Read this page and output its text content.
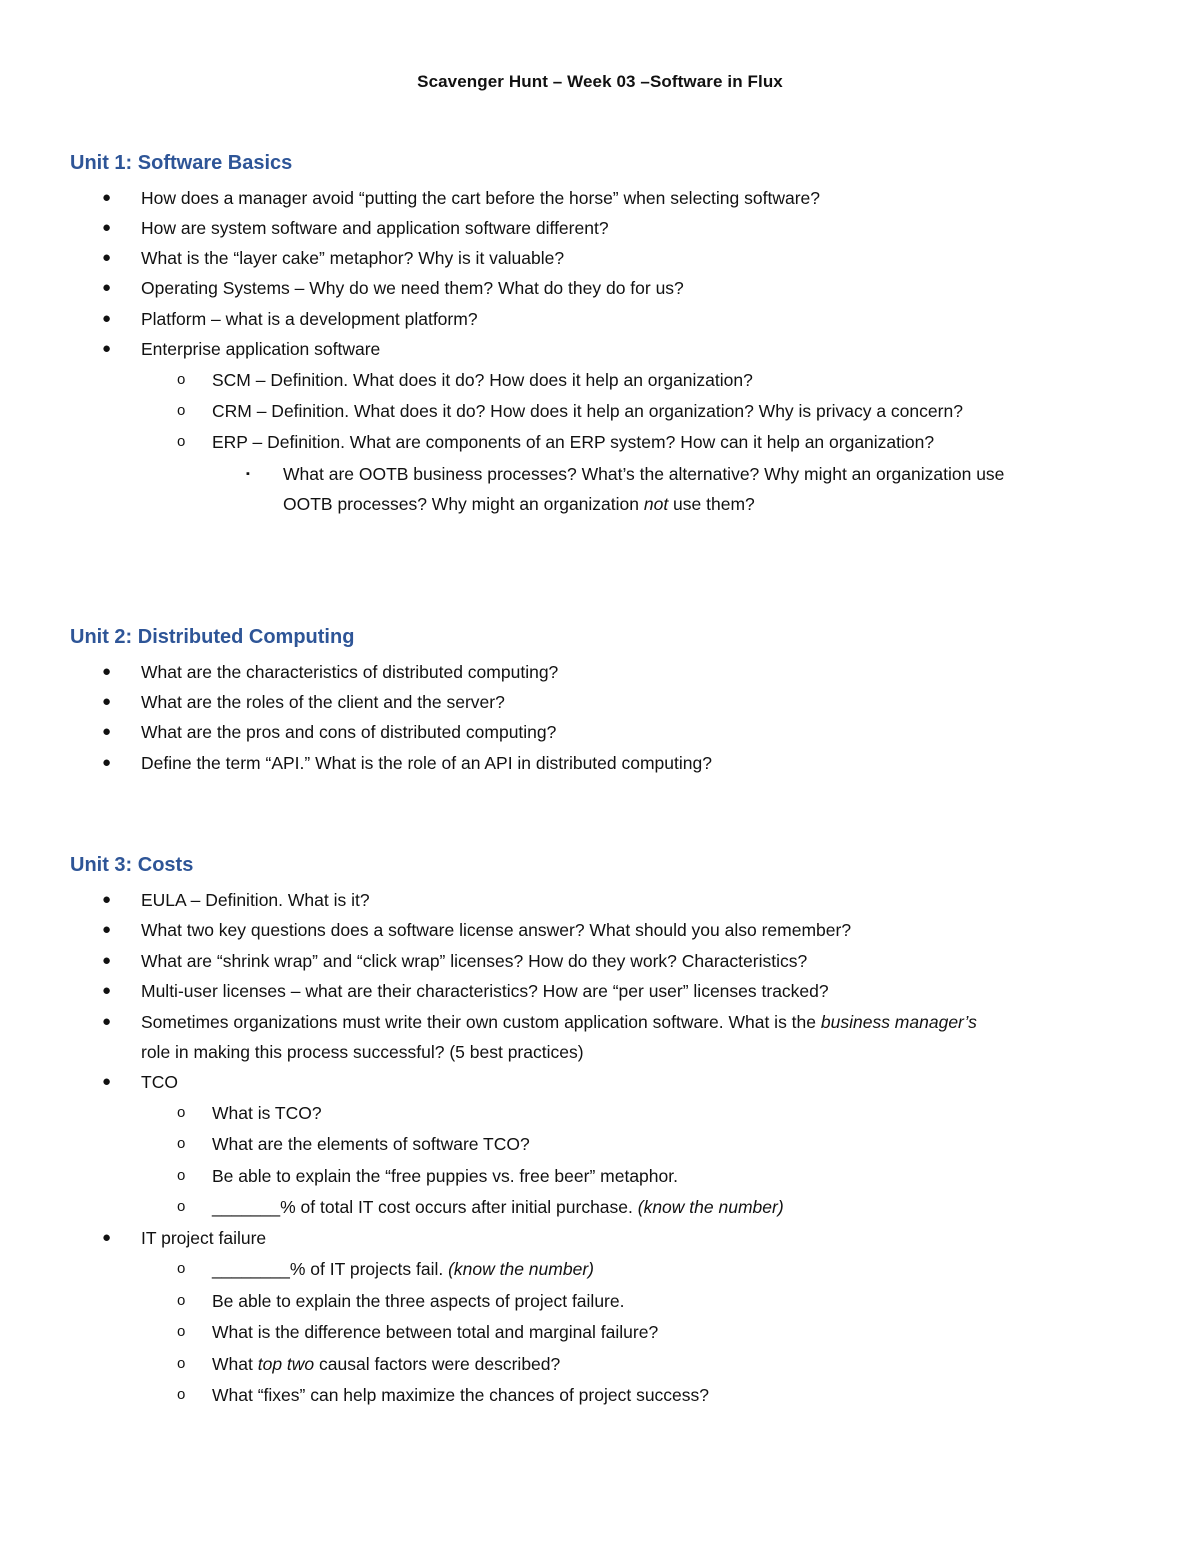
Scavenger Hunt – Week 03 –Software in Flux
Unit 1: Software Basics
● How does a manager avoid “putting the cart before the horse” when selecting software?
● How are system software and application software different?
● What is the “layer cake” metaphor? Why is it valuable?
● Operating Systems – Why do we need them? What do they do for us?
● Platform – what is a development platform?
● Enterprise application software
o SCM – Definition. What does it do? How does it help an organization?
o CRM – Definition. What does it do? How does it help an organization? Why is privacy a concern?
o ERP – Definition. What are components of an ERP system? How can it help an organization?
▪ What are OOTB business processes? What’s the alternative? Why might an organization use
OOTB processes? Why might an organization not use them?
Unit 2: Distributed Computing
● What are the characteristics of distributed computing?
● What are the roles of the client and the server?
● What are the pros and cons of distributed computing?
● Define the term “API.” What is the role of an API in distributed computing?
Unit 3: Costs
● EULA – Definition. What is it?
● What two key questions does a software license answer? What should you also remember?
● What are “shrink wrap” and “click wrap” licenses? How do they work? Characteristics?
● Multi-user licenses – what are their characteristics? How are “per user” licenses tracked?
● Sometimes organizations must write their own custom application software. What is the business manager’s
role in making this process successful? (5 best practices)
● TCO
o What is TCO?
o What are the elements of software TCO?
o Be able to explain the “free puppies vs. free beer” metaphor.
o _______% of total IT cost occurs after initial purchase. (know the number)
● IT project failure
o ________% of IT projects fail. (know the number)
o Be able to explain the three aspects of project failure.
o What is the difference between total and marginal failure?
o What top two causal factors were described?
o What “fixes” can help maximize the chances of project success?
